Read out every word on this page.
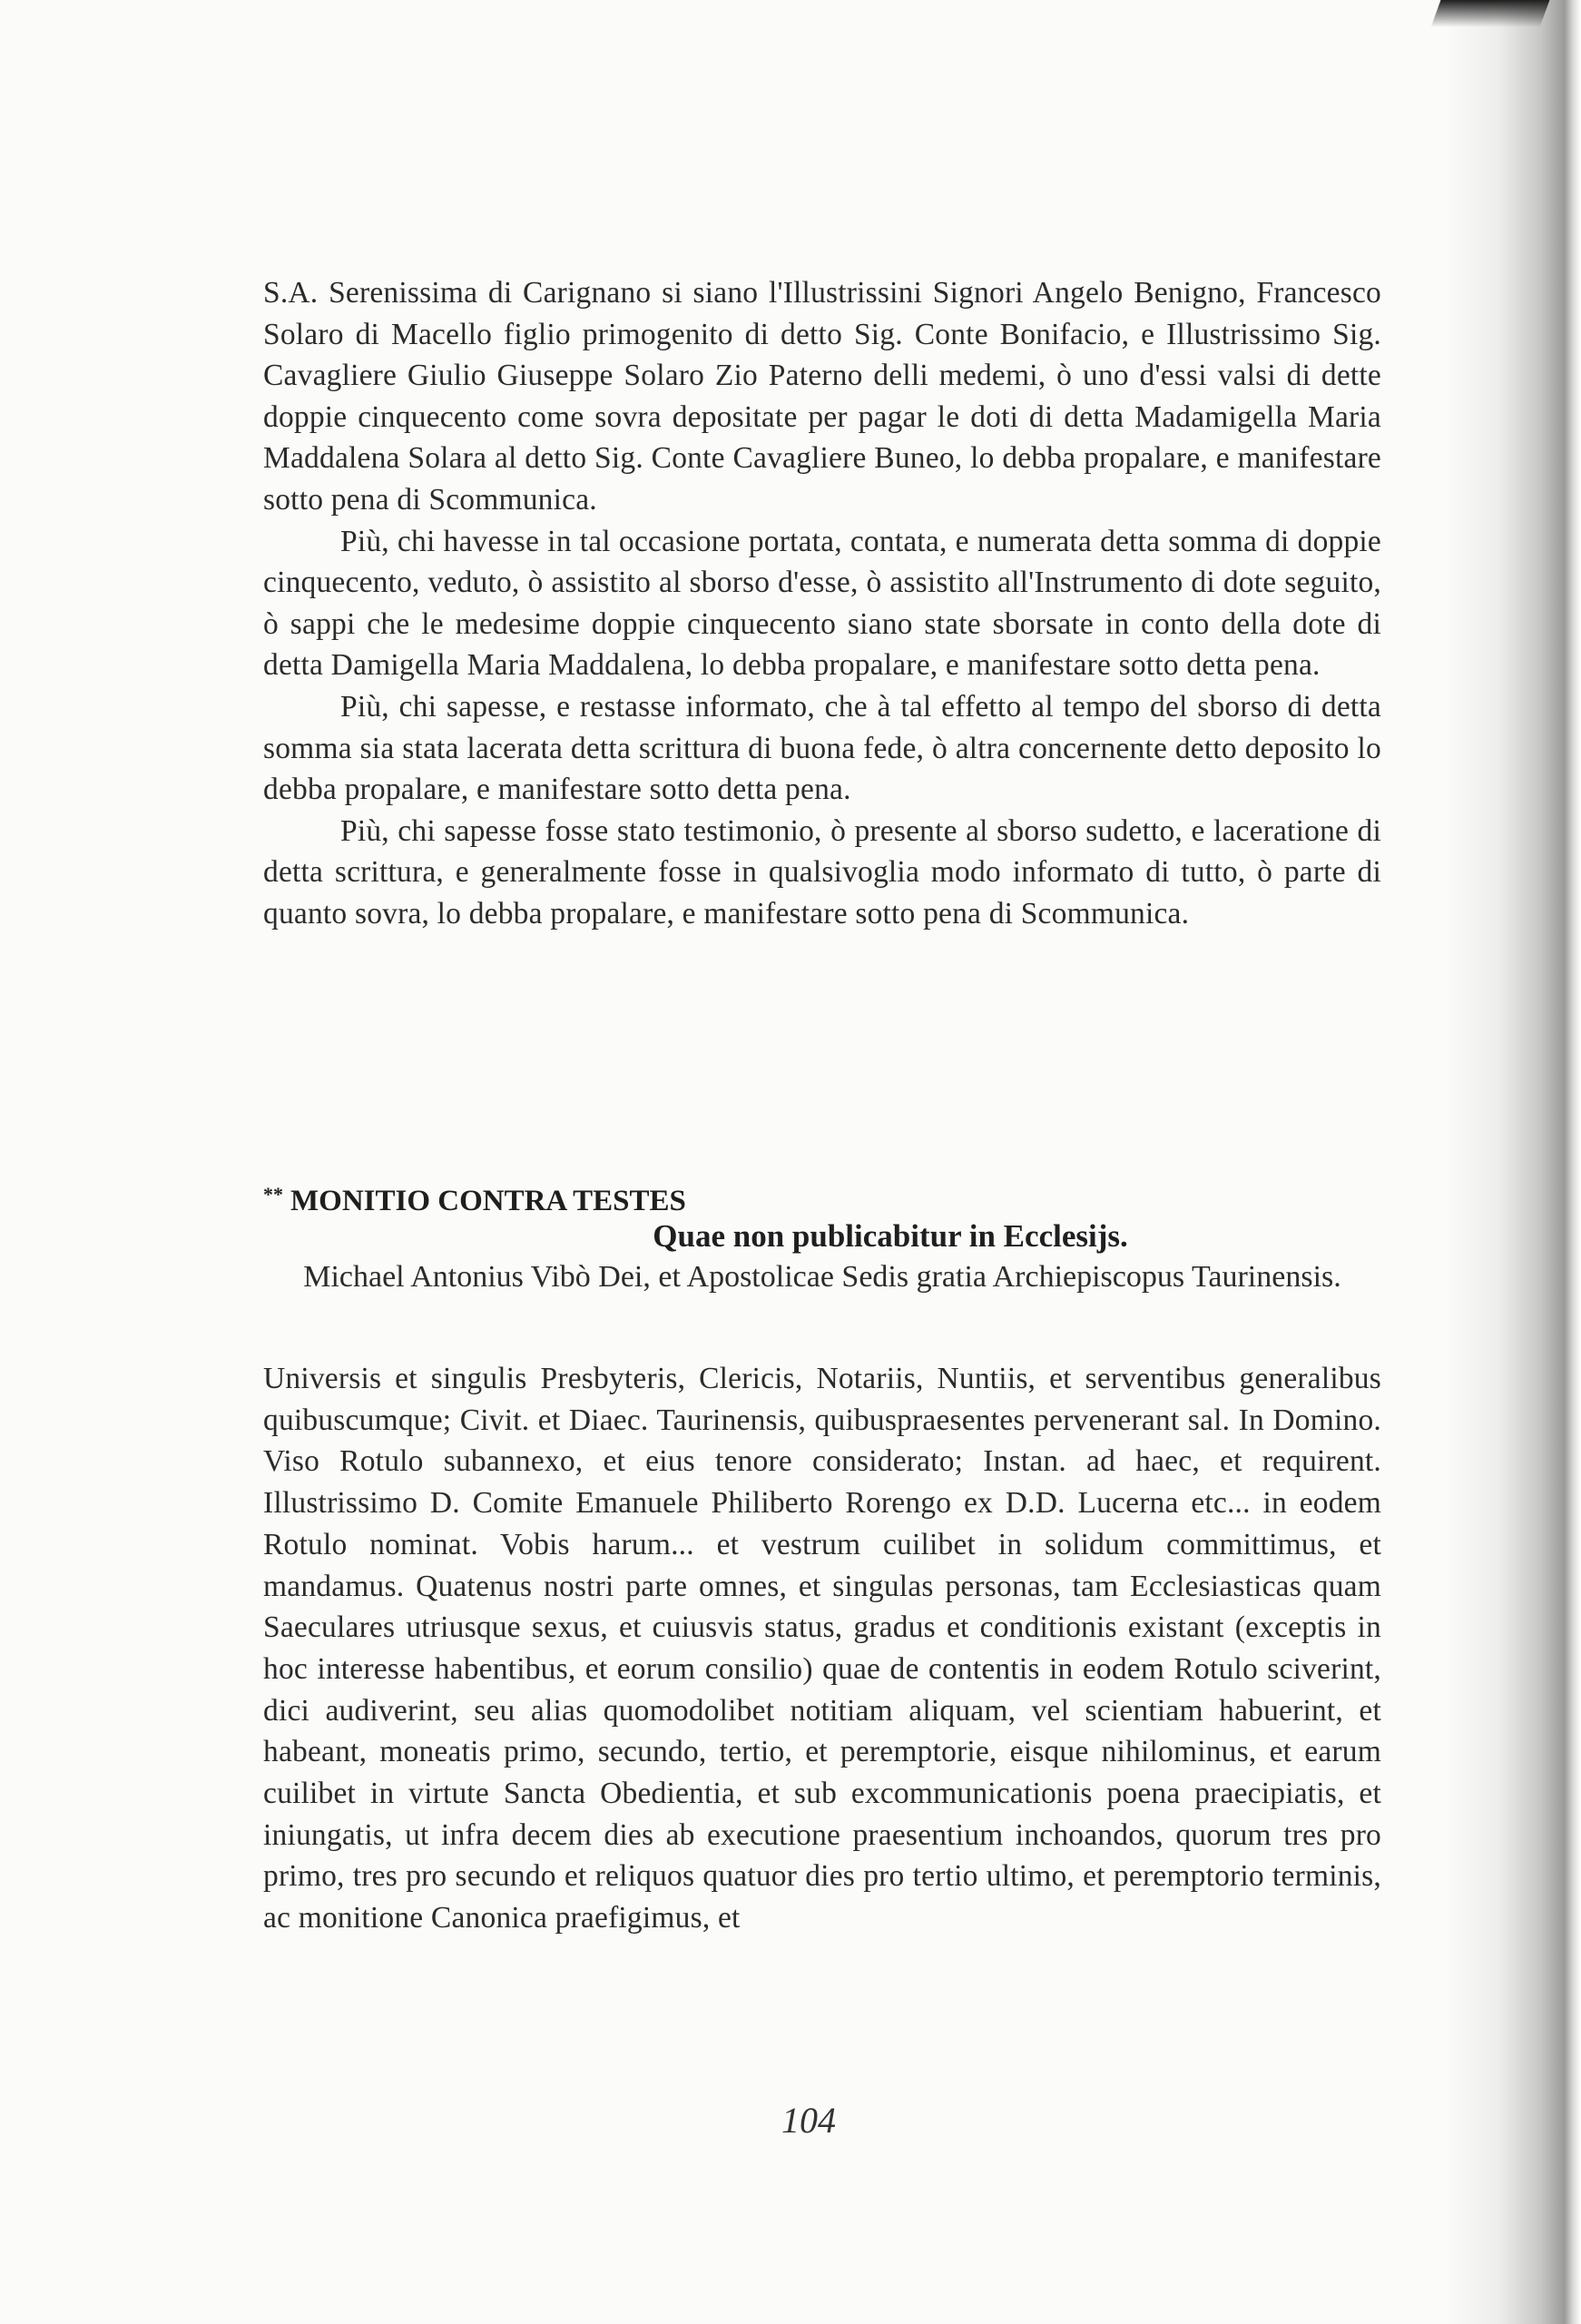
S.A. Serenissima di Carignano si siano l'Illustrissini Signori Angelo Benigno, Francesco Solaro di Macello figlio primogenito di detto Sig. Conte Bonifacio, e Illustrissimo Sig. Cavagliere Giulio Giuseppe Solaro Zio Paterno delli medemi, ò uno d'essi valsi di dette doppie cinquecento come sovra depositate per pagar le doti di detta Madamigella Maria Maddalena Solara al detto Sig. Conte Cavagliere Buneo, lo debba propalare, e manifestare sotto pena di Scommunica.

Più, chi havesse in tal occasione portata, contata, e numerata detta somma di doppie cinquecento, veduto, ò assistito al sborso d'esse, ò assistito all'Instrumento di dote seguito, ò sappi che le medesime doppie cinquecento siano state sborsate in conto della dote di detta Damigella Maria Maddalena, lo debba propalare, e manifestare sotto detta pena.

Più, chi sapesse, e restasse informato, che à tal effetto al tempo del sborso di detta somma sia stata lacerata detta scrittura di buona fede, ò altra concernente detto deposito lo debba propalare, e manifestare sotto detta pena.

Più, chi sapesse fosse stato testimonio, ò presente al sborso sudetto, e laceratione di detta scrittura, e generalmente fosse in qualsivoglia modo informato di tutto, ò parte di quanto sovra, lo debba propalare, e manifestare sotto pena di Scommunica.

** MONITIO CONTRA TESTES
Quae non publicabitur in Ecclesijs.
Michael Antonius Vibò Dei, et Apostolicae Sedis gratia Archiepiscopus Taurinensis.

Universis et singulis Presbyteris, Clericis, Notariis, Nuntiis, et serventibus generalibus quibuscumque; Civit. et Diaec. Taurinensis, quibuspraesentes pervenerant sal. In Domino. Viso Rotulo subannexo, et eius tenore considerato; Instan. ad haec, et requirent. Illustrissimo D. Comite Emanuele Philiberto Rorengo ex D.D. Lucerna etc... in eodem Rotulo nominat. Vobis harum... et vestrum cuilibet in solidum committimus, et mandamus. Quatenus nostri parte omnes, et singulas personas, tam Ecclesiasticas quam Saeculares utriusque sexus, et cuiusvis status, gradus et conditionis existant (exceptis in hoc interesse habentibus, et eorum consilio) quae de contentis in eodem Rotulo sciverint, dici audiverint, seu alias quomodolibet notitiam aliquam, vel scientiam habuerint, et habeant, moneatis primo, secundo, tertio, et peremptorie, eisque nihilominus, et earum cuilibet in virtute Sancta Obedientia, et sub excommunicationis poena praecipiatis, et iniungatis, ut infra decem dies ab executione praesentium inchoandos, quorum tres pro primo, tres pro secundo et reliquos quatuor dies pro tertio ultimo, et peremptorio terminis, ac monitione Canonica praefigimus, et

104
